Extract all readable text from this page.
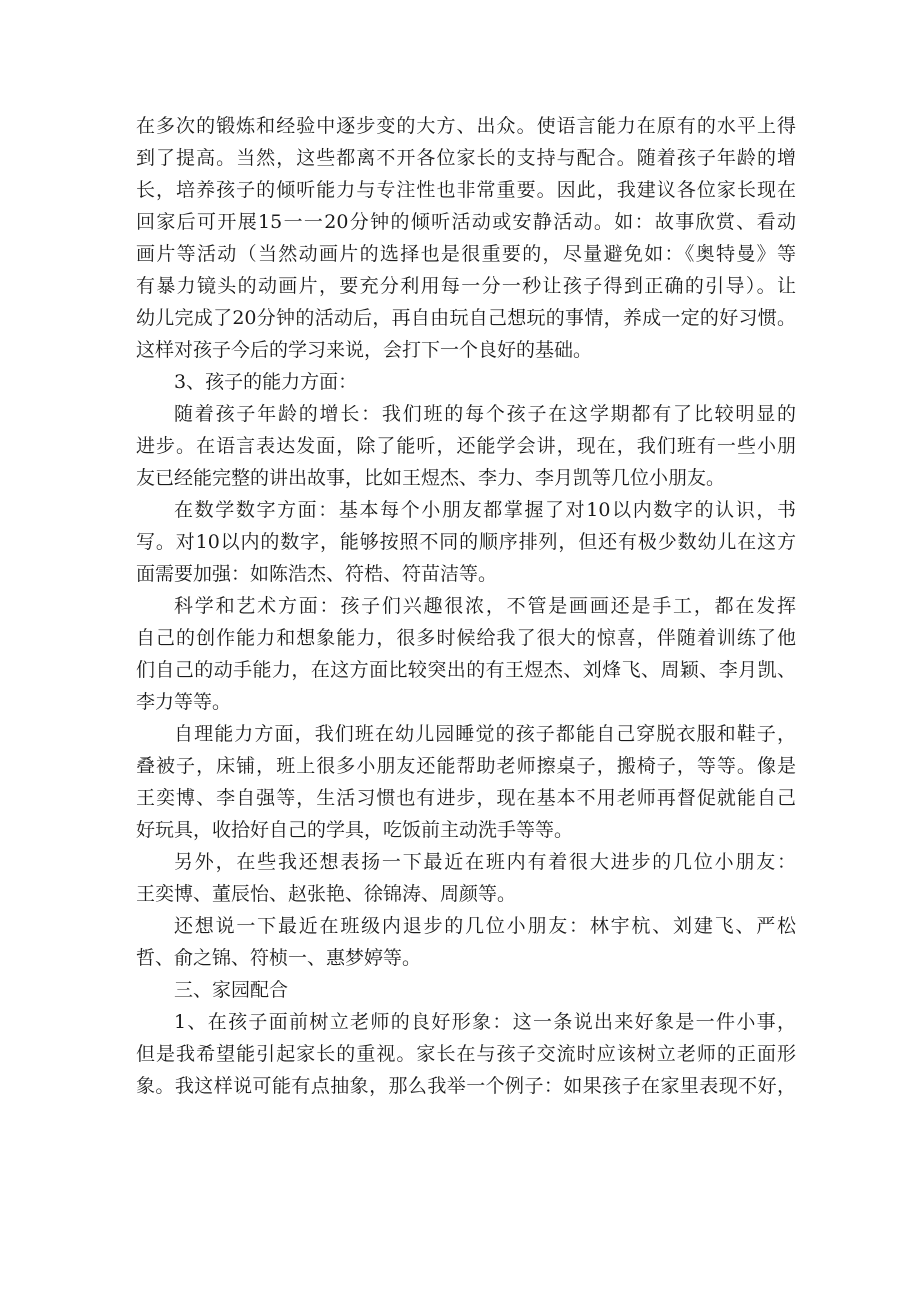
在多次的锻炼和经验中逐步变的大方、出众。使语言能力在原有的水平上得
到了提高。当然，这些都离不开各位家长的支持与配合。随着孩子年龄的增
长，培养孩子的倾听能力与专注性也非常重要。因此，我建议各位家长现在
回家后可开展15一一20分钟的倾听活动或安静活动。如：故事欣赏、看动
画片等活动（当然动画片的选择也是很重要的，尽量避免如：《奥特曼》等
有暴力镜头的动画片，要充分利用每一分一秒让孩子得到正确的引导）。让
幼儿完成了20分钟的活动后，再自由玩自己想玩的事情，养成一定的好习惯。
这样对孩子今后的学习来说，会打下一个良好的基础。
3、孩子的能力方面：
随着孩子年龄的增长：我们班的每个孩子在这学期都有了比较明显的
进步。在语言表达发面，除了能听，还能学会讲，现在，我们班有一些小朋
友已经能完整的讲出故事，比如王煜杰、李力、李月凯等几位小朋友。
在数学数字方面：基本每个小朋友都掌握了对10以内数字的认识，书
写。对10以内的数字，能够按照不同的顺序排列，但还有极少数幼儿在这方
面需要加强：如陈浩杰、符梏、符苗洁等。
科学和艺术方面：孩子们兴趣很浓，不管是画画还是手工，都在发挥
自己的创作能力和想象能力，很多时候给我了很大的惊喜，伴随着训练了他
们自己的动手能力，在这方面比较突出的有王煜杰、刘烽飞、周颖、李月凯、
李力等等。
自理能力方面，我们班在幼儿园睡觉的孩子都能自己穿脱衣服和鞋子，
叠被子，床铺，班上很多小朋友还能帮助老师擦桌子，搬椅子，等等。像是
王奕博、李自强等，生活习惯也有进步，现在基本不用老师再督促就能自己
好玩具，收拾好自己的学具，吃饭前主动洗手等等。
另外，在些我还想表扬一下最近在班内有着很大进步的几位小朋友：
王奕博、董辰怡、赵张艳、徐锦涛、周颜等。
还想说一下最近在班级内退步的几位小朋友：林宇杭、刘建飞、严松
哲、俞之锦、符桢一、惠梦婷等。
三、家园配合
1、在孩子面前树立老师的良好形象：这一条说出来好象是一件小事，
但是我希望能引起家长的重视。家长在与孩子交流时应该树立老师的正面形
象。我这样说可能有点抽象，那么我举一个例子：如果孩子在家里表现不好，
